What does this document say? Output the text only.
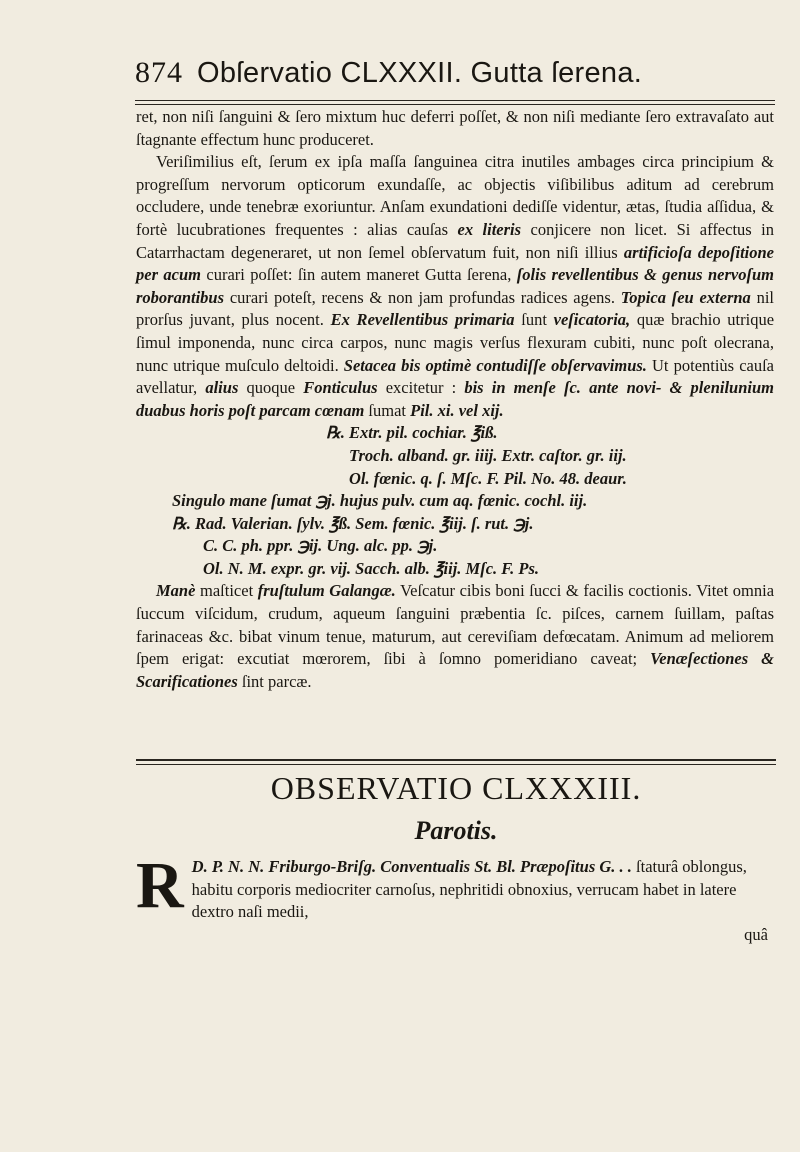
874 Obſervatio CLXXXII. Gutta ſerena.

ret, non niſi ſanguini & ſero mixtum huc deferri poſſet, & non niſi mediante ſero extravaſato aut ſtagnante effectum hunc produceret.

Veriſimilius eſt, ſerum ex ipſa maſſa ſanguinea citra inutiles ambages circa principium & progreſſum nervorum opticorum exundaſſe, ac objectis viſibilibus aditum ad cerebrum occludere, unde tenebræ exoriuntur. Anſam exundationi dediſſe videntur, ætas, ſtudia aſſidua, & fortè lucubrationes frequentes : alias cauſas ex literis conjicere non licet. Si affectus in Catarrhactam degeneraret, ut non ſemel obſervatum fuit, non niſi illius artificioſa depoſitione per acum curari poſſet: ſin autem maneret Gutta ſerena, ſolis revellentibus & genus nervoſum roborantibus curari poteſt, recens & non jam profundas radices agens. Topica ſeu externa nil prorſus juvant, plus nocent. Ex Revellentibus primaria ſunt veſicatoria, quæ brachio utrique ſimul imponenda, nunc circa carpos, nunc magis verſus flexuram cubiti, nunc poſt olecrana, nunc utrique muſculo deltoidi. Setacea bis optimè contudiſſe obſervavimus. Ut potentiùs cauſa avellatur, alius quoque Fonticulus excitetur : bis in menſe ſc. ante novi- & plenilunium duabus horis poſt parcam cœnam ſumat Pil. xi. vel xij.

℞. Extr. pil. cochiar. ℥iß.

Troch. alband. gr. iiij. Extr. caſtor. gr. iij.

Ol. fœnic. q. ſ. Mſc. F. Pil. No. 48. deaur.

Singulo mane ſumat ℈j. hujus pulv. cum aq. fœnic. cochl. iij.

℞. Rad. Valerian. ſylv. ℥ß. Sem. fœnic. ℥iij. ſ. rut. ℈j.

C. C. ph. ppr. ℈ij. Ung. alc. pp. ℈j.

Ol. N. M. expr. gr. vij. Sacch. alb. ℥iij. Mſc. F. Ps.

Manè maſticet fruſtulum Galangæ. Veſcatur cibis boni ſucci & facilis coctionis. Vitet omnia ſuccum viſcidum, crudum, aqueum ſanguini præbentia ſc. piſces, carnem ſuillam, paſtas farinaceas &c. bibat vinum tenue, maturum, aut cereviſiam defœcatam. Animum ad meliorem ſpem erigat: excutiat mœrorem, ſibi à ſomno pomeridiano caveat; Venæſectiones & Scarificationes ſint parcæ.

OBSERVATIO CLXXXIII.
Parotis.
R D. P. N. N. Friburgo-Briſg. Conventualis St. Bl. Præpoſitus G. . . ſtaturâ oblongus, habitu corporis mediocriter carnoſus, nephritidi obnoxius, verrucam habet in latere dextro naſi medii,
quâ
